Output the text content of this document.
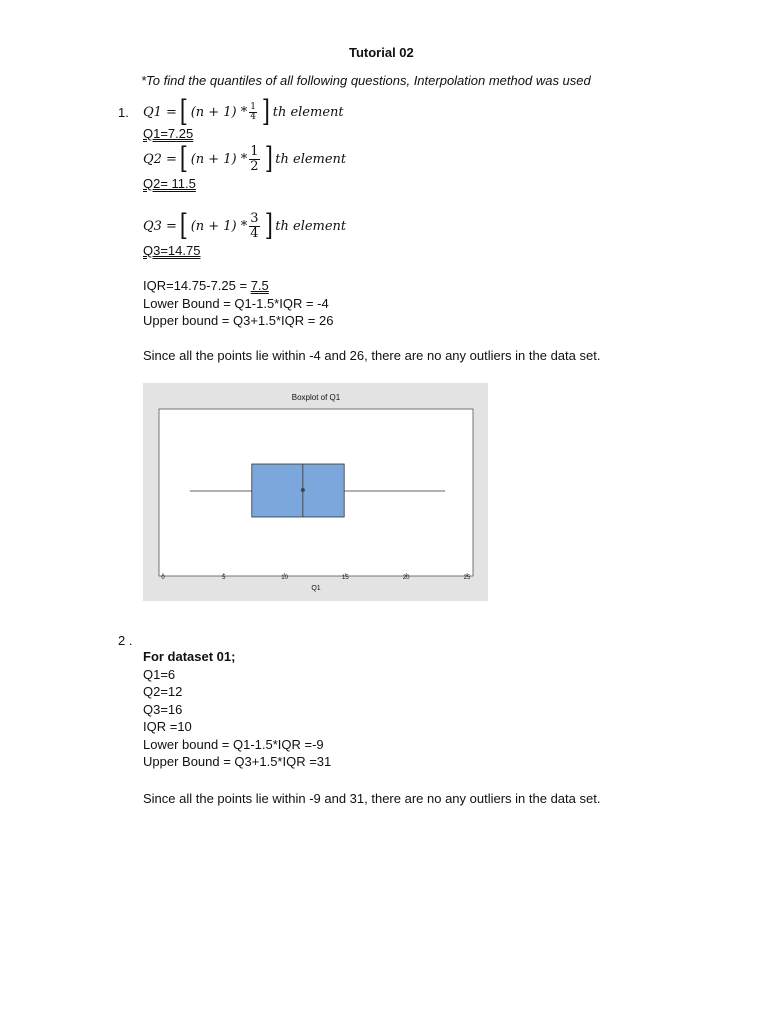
Tutorial 02
*To find the quantiles of all following questions, Interpolation method was used
1. Q1 = [ $(n + 1) * \frac{1}{4}$ ] th element
Q1=7.25
Q2 = [ $(n + 1) * \frac{1}{2}$ ] th element
Q2= 11.5
Q3 = [ $(n + 1) * \frac{3}{4}$ ] th element
Q3=14.75
IQR=14.75-7.25 = 7.5
Lower Bound = Q1-1.5*IQR = -4
Upper bound = Q3+1.5*IQR = 26
Since all the points lie within -4 and 26, there are no any outliers in the data set.
Boxplot of Q1
0	5	10	15	20	25
Q1
2 .
For dataset 01;
Q1=6
Q2=12
Q3=16
IQR =10
Lower bound = Q1-1.5*IQR =-9
Upper Bound = Q3+1.5*IQR =31
Since all the points lie within -9 and 31, there are no any outliers in the data set.
